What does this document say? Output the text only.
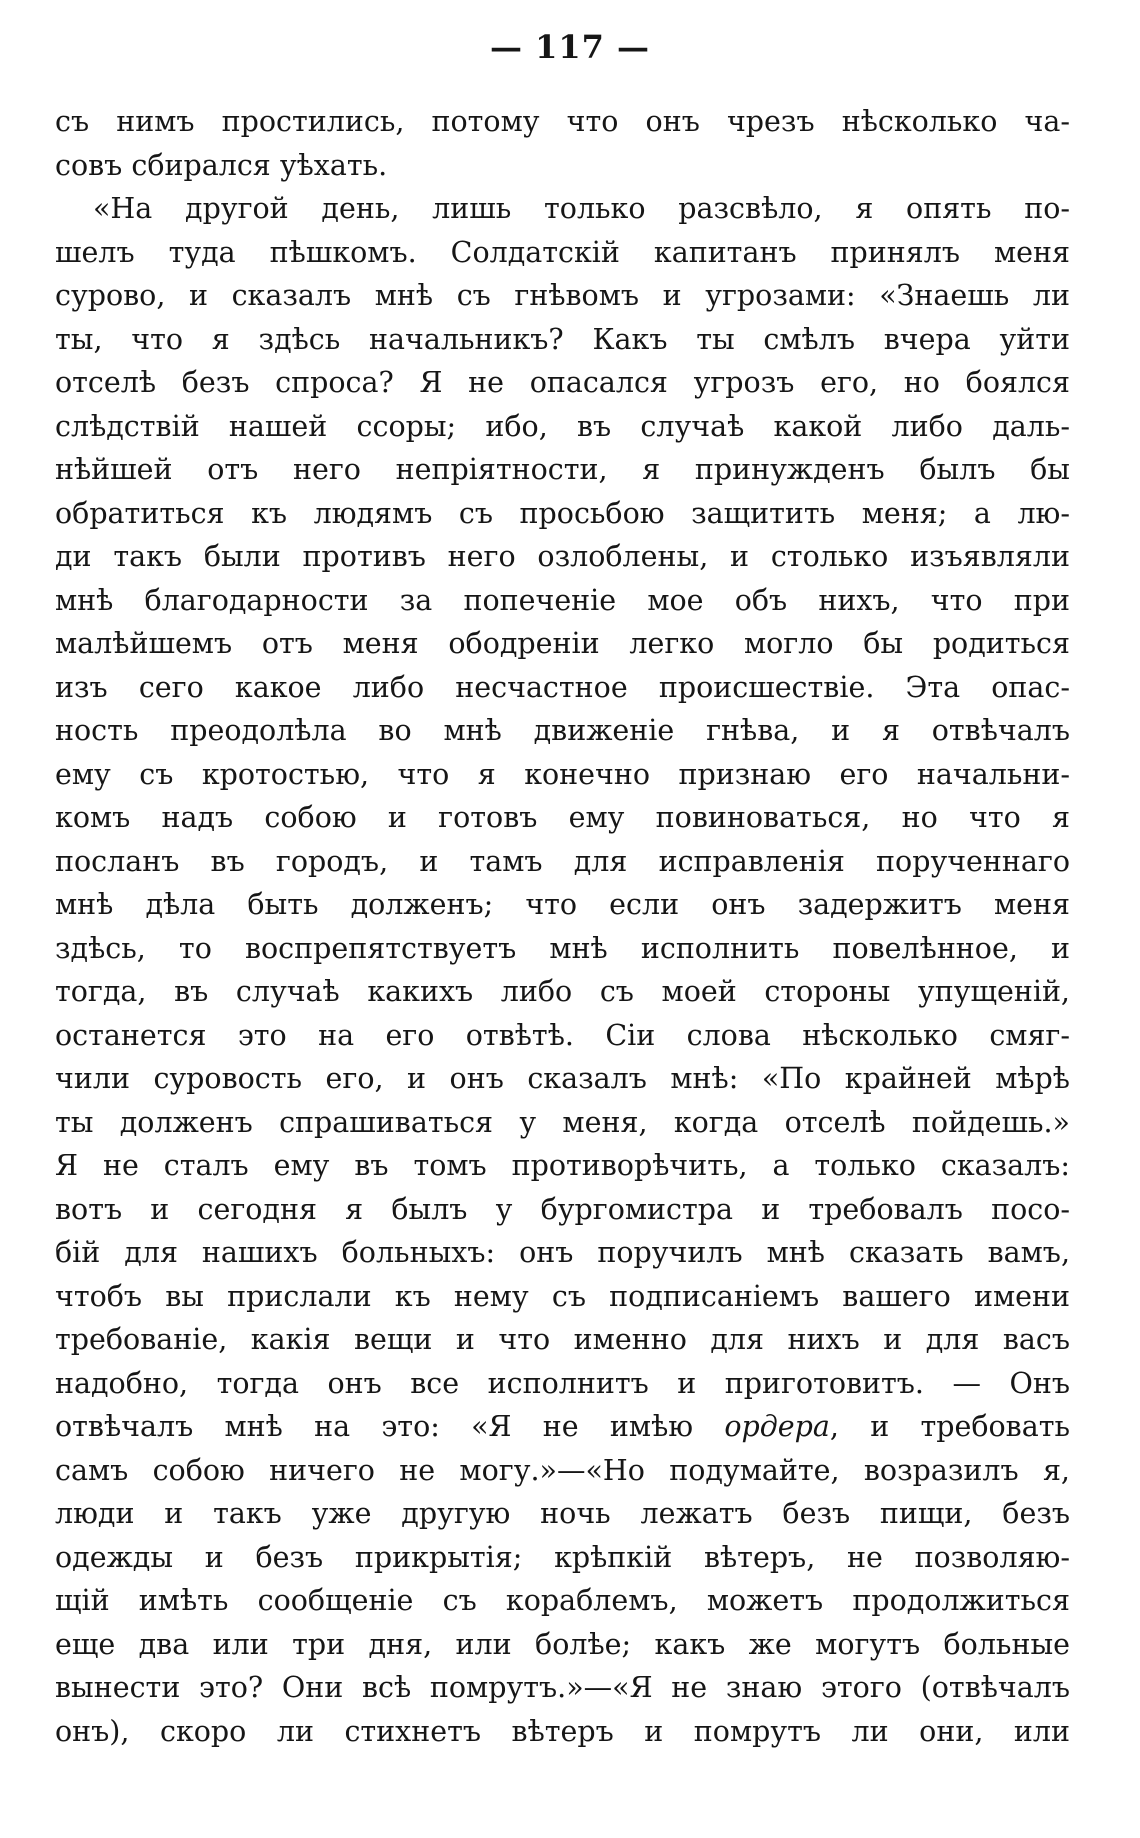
— 117 —
съ нимъ простились, потому что онъ чрезъ нѣсколько ча-
совъ сбирался уѣхать.
«На другой день, лишь только разсвѣло, я опять по-
шелъ туда пѣшкомъ. Солдатскій капитанъ принялъ меня
сурово, и сказалъ мнѣ съ гнѣвомъ и угрозами: «Знаешь ли
ты, что я здѣсь начальникъ? Какъ ты смѣлъ вчера уйти
отселѣ безъ спроса? Я не опасался угрозъ его, но боялся
слѣдствій нашей ссоры; ибо, въ случаѣ какой либо даль-
нѣйшей отъ него непріятности, я принужденъ былъ бы
обратиться къ людямъ съ просьбою защитить меня; а лю-
ди такъ были противъ него озлоблены, и столько изъявляли
мнѣ благодарности за попеченіе мое объ нихъ, что при
малѣйшемъ отъ меня ободреніи легко могло бы родиться
изъ сего какое либо несчастное происшествіе. Эта опас-
ность преодолѣла во мнѣ движеніе гнѣва, и я отвѣчалъ
ему съ кротостью, что я конечно признаю его начальни-
комъ надъ собою и готовъ ему повиноваться, но что я
посланъ въ городъ, и тамъ для исправленія порученнаго
мнѣ дѣла быть долженъ; что если онъ задержитъ меня
здѣсь, то воспрепятствуетъ мнѣ исполнить повелѣнное, и
тогда, въ случаѣ какихъ либо съ моей стороны упущеній,
останется это на его отвѣтѣ. Сіи слова нѣсколько смяг-
чили суровость его, и онъ сказалъ мнѣ: «По крайней мѣрѣ
ты долженъ спрашиваться у меня, когда отселѣ пойдешь.»
Я не сталъ ему въ томъ противорѣчить, а только сказалъ:
вотъ и сегодня я былъ у бургомистра и требовалъ посо-
бій для нашихъ больныхъ: онъ поручилъ мнѣ сказать вамъ,
чтобъ вы прислали къ нему съ подписаніемъ вашего имени
требованіе, какія вещи и что именно для нихъ и для васъ
надобно, тогда онъ все исполнитъ и приготовитъ. — Онъ
отвѣчалъ мнѣ на это: «Я не имѣю ордера, и требовать
самъ собою ничего не могу.»—«Но подумайте, возразилъ я,
люди и такъ уже другую ночь лежатъ безъ пищи, безъ
одежды и безъ прикрытія; крѣпкій вѣтеръ, не позволяю-
щій имѣть сообщеніе съ кораблемъ, можетъ продолжиться
еще два или три дня, или болѣе; какъ же могутъ больные
вынести это? Они всѣ помрутъ.»—«Я не знаю этого (отвѣчалъ
онъ), скоро ли стихнетъ вѣтеръ и помрутъ ли они, или
